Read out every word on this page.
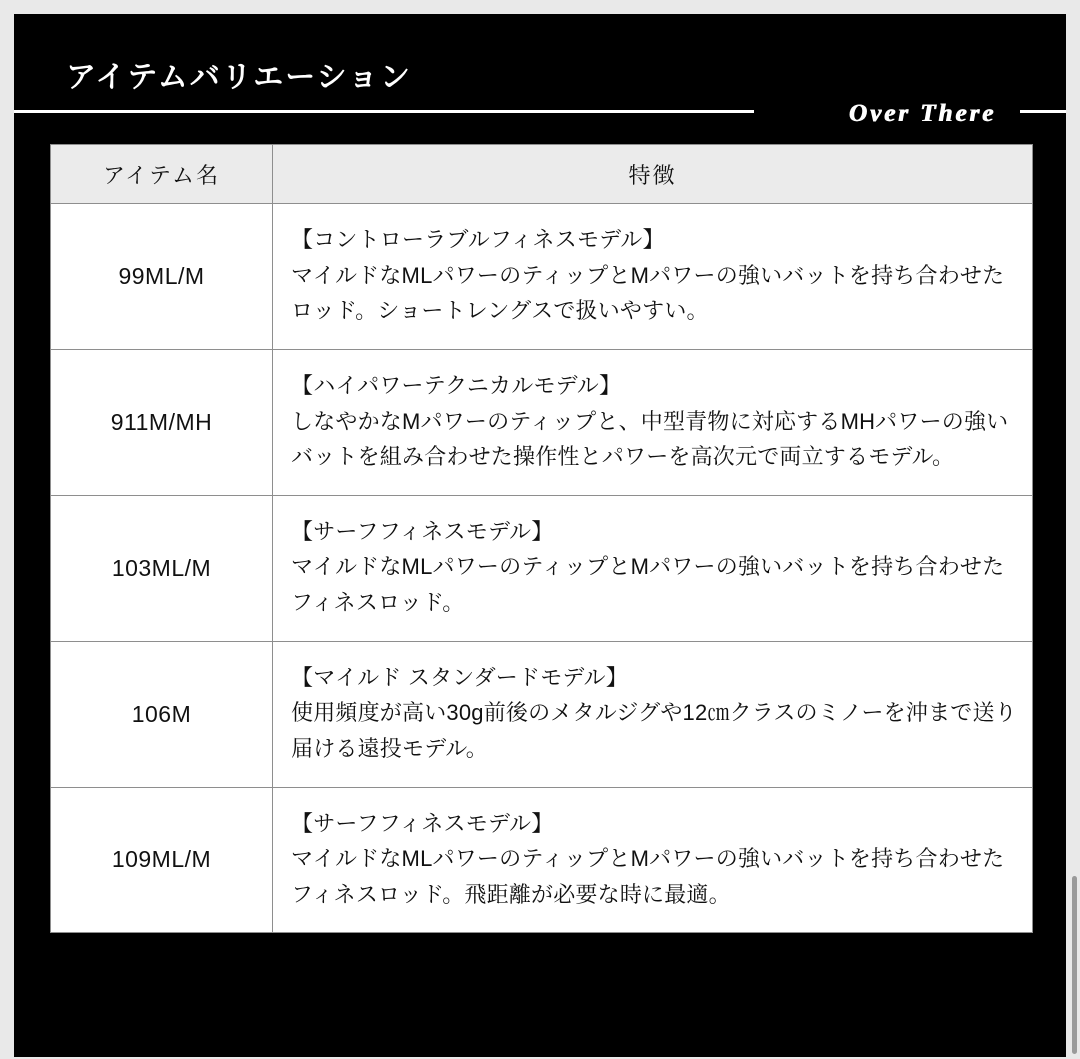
アイテムバリエーション
Over There
アイテム名	特徴
99ML/M	【コントローラブルフィネスモデル】
マイルドなMLパワーのティップとMパワーの強いバットを持ち合わせたロッド。ショートレングスで扱いやすい。

911M/MH	【ハイパワーテクニカルモデル】
しなやかなMパワーのティップと、中型青物に対応するMHパワーの強いバットを組み合わせた操作性とパワーを高次元で両立するモデル。

103ML/M	【サーフフィネスモデル】
マイルドなMLパワーのティップとMパワーの強いバットを持ち合わせたフィネスロッド。

106M	【マイルド スタンダードモデル】
使用頻度が高い30g前後のメタルジグや12㎝クラスのミノーを沖まで送り届ける遠投モデル。

109ML/M	【サーフフィネスモデル】
マイルドなMLパワーのティップとMパワーの強いバットを持ち合わせたフィネスロッド。飛距離が必要な時に最適。
